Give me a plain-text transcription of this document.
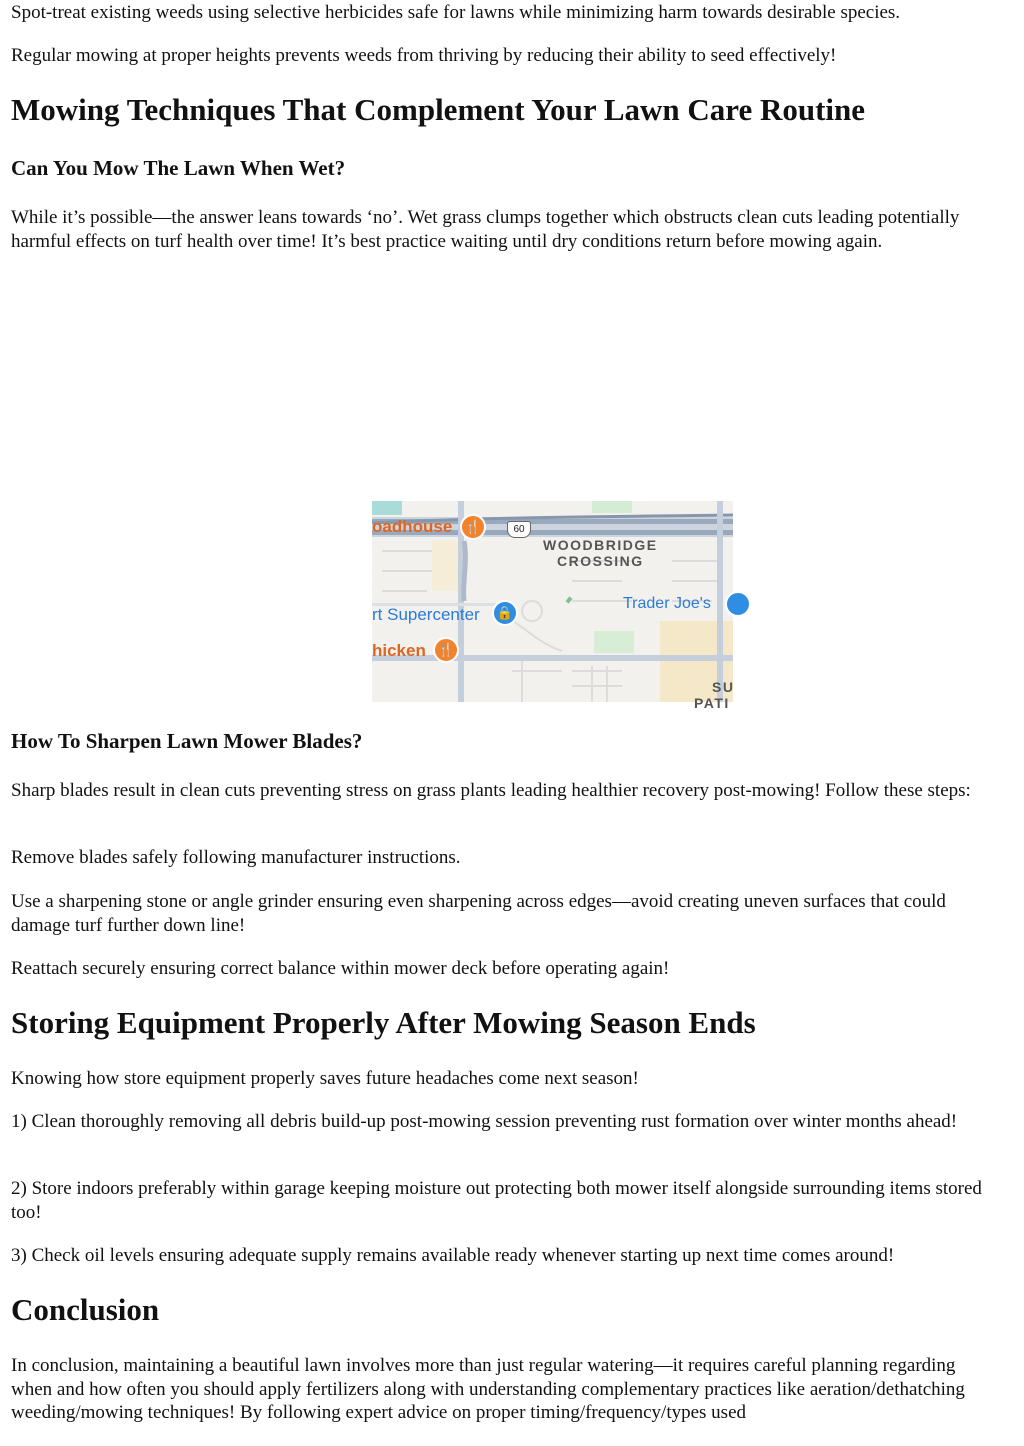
Spot-treat existing weeds using selective herbicides safe for lawns while minimizing harm towards desirable species.

Regular mowing at proper heights prevents weeds from thriving by reducing their ability to seed effectively!

Mowing Techniques That Complement Your Lawn Care Routine
Can You Mow The Lawn When Wet?

While it’s possible—the answer leans towards ‘no’. Wet grass clumps together which obstructs clean cuts leading potentially harmful effects on turf health over time! It’s best practice waiting until dry conditions return before mowing again.

oadhouse 🍴	60
WOODBRIDGE
CROSSING
Trader Joe's
rt Supercenter	🔒
hicken 🍴
SU
PATI
How To Sharpen Lawn Mower Blades?

Sharp blades result in clean cuts preventing stress on grass plants leading healthier recovery post-mowing! Follow these steps:

Remove blades safely following manufacturer instructions.

Use a sharpening stone or angle grinder ensuring even sharpening across edges—avoid creating uneven surfaces that could damage turf further down line!

Reattach securely ensuring correct balance within mower deck before operating again!

Storing Equipment Properly After Mowing Season Ends

Knowing how store equipment properly saves future headaches come next season!

1) Clean thoroughly removing all debris build-up post-mowing session preventing rust formation over winter months ahead!

2) Store indoors preferably within garage keeping moisture out protecting both mower itself alongside surrounding items stored too!

3) Check oil levels ensuring adequate supply remains available ready whenever starting up next time comes around!

Conclusion

In conclusion, maintaining a beautiful lawn involves more than just regular watering—it requires careful planning regarding when and how often you should apply fertilizers along with understanding complementary practices like aeration/dethatching weeding/mowing techniques! By following expert advice on proper timing/frequency/types used
